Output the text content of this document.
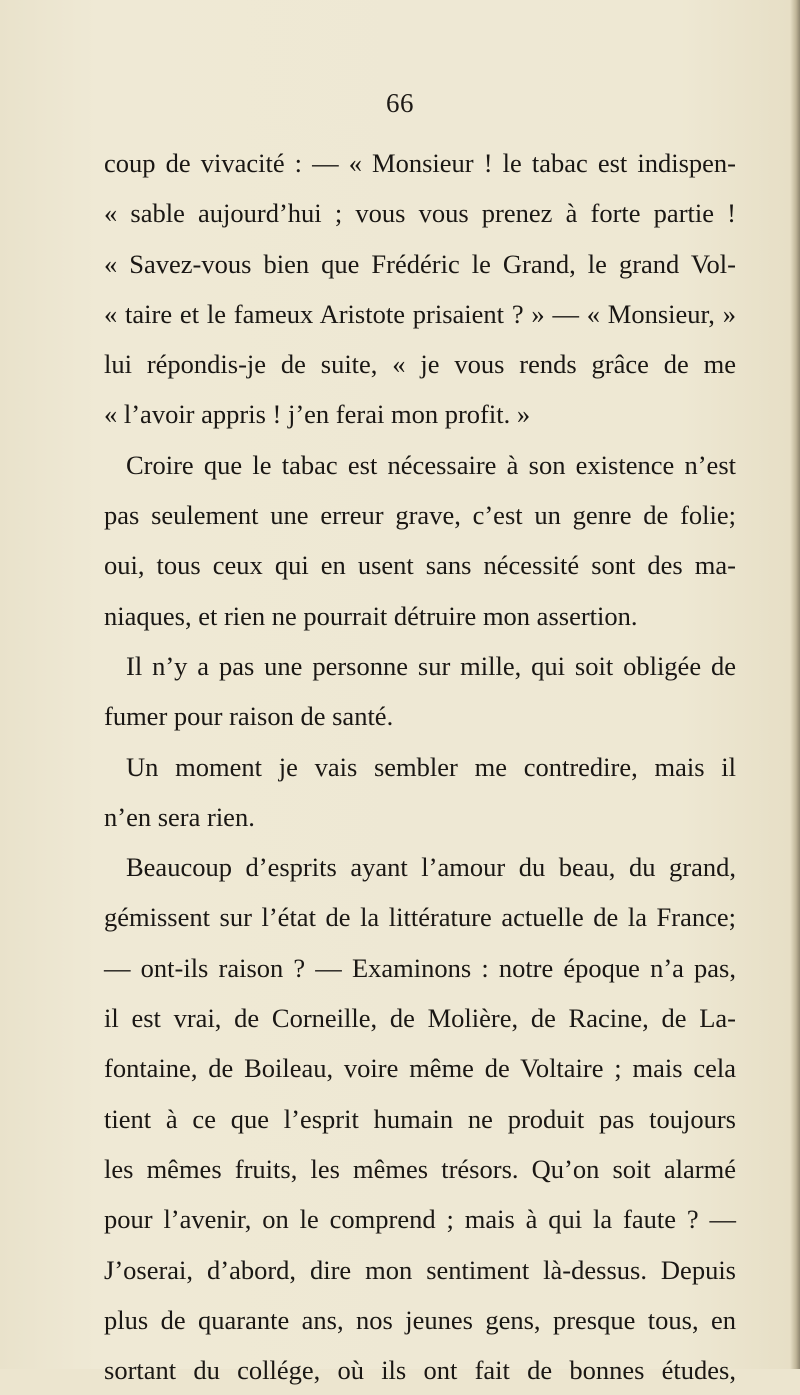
66
coup de vivacité : — « Monsieur ! le tabac est indispen-
« sable aujourd’hui ; vous vous prenez à forte partie !
« Savez-vous bien que Frédéric le Grand, le grand Vol-
« taire et le fameux Aristote prisaient ? » — « Monsieur, »
lui répondis-je de suite, « je vous rends grâce de me
« l’avoir appris ! j’en ferai mon profit. »
Croire que le tabac est nécessaire à son existence n’est
pas seulement une erreur grave, c’est un genre de folie;
oui, tous ceux qui en usent sans nécessité sont des ma-
niaques, et rien ne pourrait détruire mon assertion.
Il n’y a pas une personne sur mille, qui soit obligée de
fumer pour raison de santé.
Un moment je vais sembler me contredire, mais il
n’en sera rien.
Beaucoup d’esprits ayant l’amour du beau, du grand,
gémissent sur l’état de la littérature actuelle de la France;
— ont-ils raison ? — Examinons : notre époque n’a pas,
il est vrai, de Corneille, de Molière, de Racine, de La-
fontaine, de Boileau, voire même de Voltaire ; mais cela
tient à ce que l’esprit humain ne produit pas toujours
les mêmes fruits, les mêmes trésors. Qu’on soit alarmé
pour l’avenir, on le comprend ; mais à qui la faute ? —
J’oserai, d’abord, dire mon sentiment là-dessus. Depuis
plus de quarante ans, nos jeunes gens, presque tous, en
sortant du collége, où ils ont fait de bonnes études,
